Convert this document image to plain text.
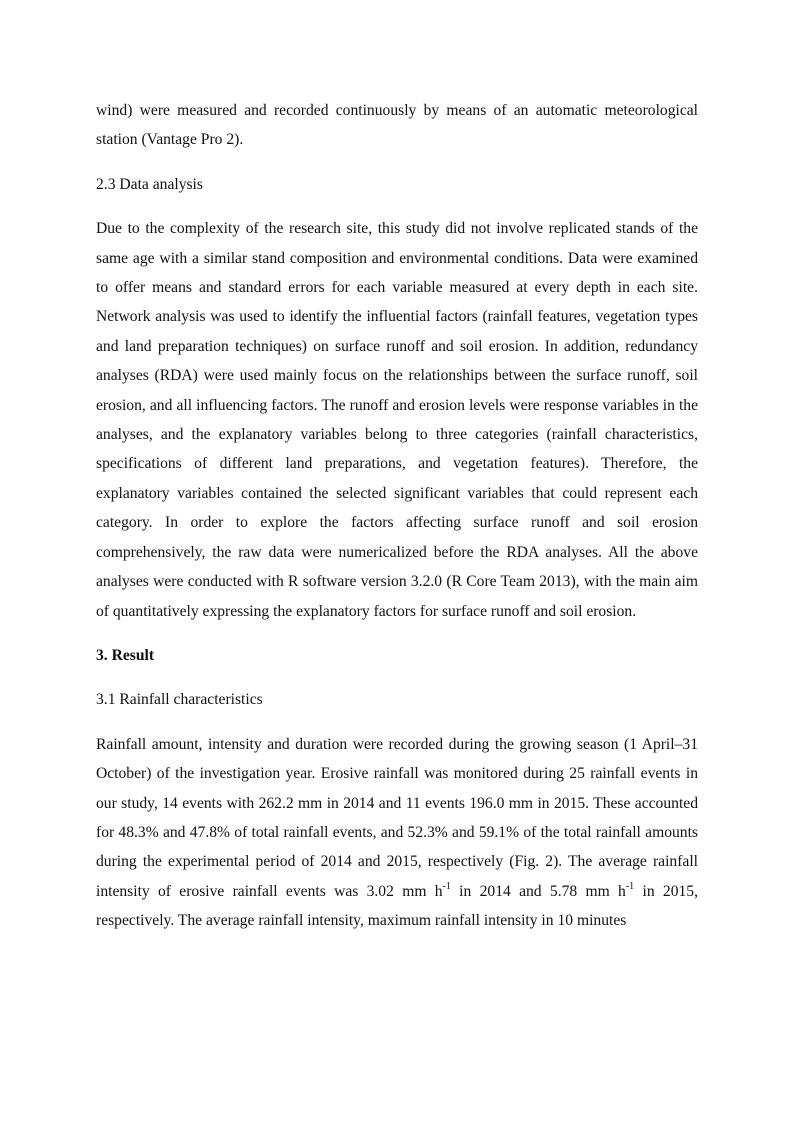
wind) were measured and recorded continuously by means of an automatic meteorological station (Vantage Pro 2).

2.3 Data analysis

Due to the complexity of the research site, this study did not involve replicated stands of the same age with a similar stand composition and environmental conditions. Data were examined to offer means and standard errors for each variable measured at every depth in each site. Network analysis was used to identify the influential factors (rainfall features, vegetation types and land preparation techniques) on surface runoff and soil erosion. In addition, redundancy analyses (RDA) were used mainly focus on the relationships between the surface runoff, soil erosion, and all influencing factors. The runoff and erosion levels were response variables in the analyses, and the explanatory variables belong to three categories (rainfall characteristics, specifications of different land preparations, and vegetation features). Therefore, the explanatory variables contained the selected significant variables that could represent each category. In order to explore the factors affecting surface runoff and soil erosion comprehensively, the raw data were numericalized before the RDA analyses. All the above analyses were conducted with R software version 3.2.0 (R Core Team 2013), with the main aim of quantitatively expressing the explanatory factors for surface runoff and soil erosion.

3. Result

3.1 Rainfall characteristics

Rainfall amount, intensity and duration were recorded during the growing season (1 April–31 October) of the investigation year. Erosive rainfall was monitored during 25 rainfall events in our study, 14 events with 262.2 mm in 2014 and 11 events 196.0 mm in 2015. These accounted for 48.3% and 47.8% of total rainfall events, and 52.3% and 59.1% of the total rainfall amounts during the experimental period of 2014 and 2015, respectively (Fig. 2). The average rainfall intensity of erosive rainfall events was 3.02 mm $h^{-1}$ in 2014 and 5.78 mm $h^{-1}$ in 2015, respectively. The average rainfall intensity, maximum rainfall intensity in 10 minutes
